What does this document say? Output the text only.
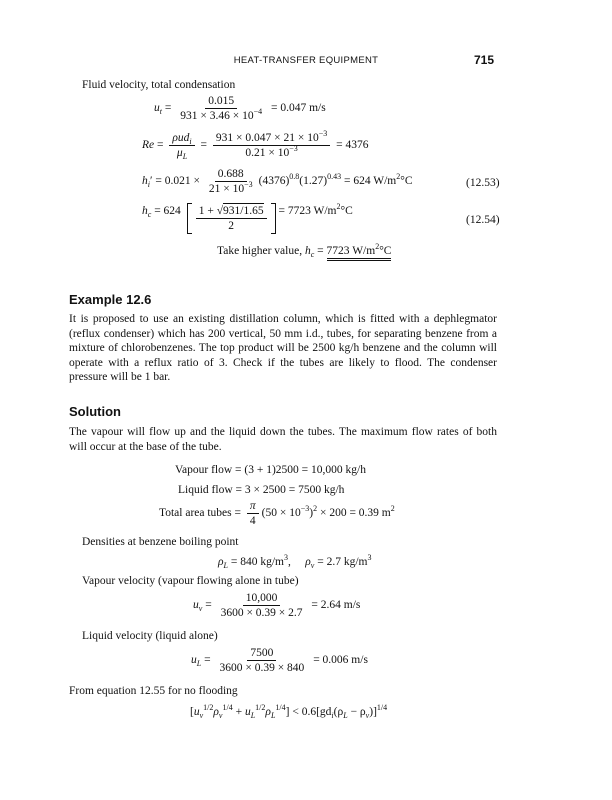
HEAT-TRANSFER EQUIPMENT	715
Fluid velocity, total condensation
$u_t = \frac{0.015}{931 \times 3.46 \times 10^{-4}} = 0.047$ m/s
$Re = \frac{\rho ud_i}{\mu_L} = \frac{931 \times 0.047 \times 21 \times 10^{-3}}{0.21 \times 10^{-3}} = 4376$
$h_i' = 0.021 \times \frac{0.688}{21 \times 10^{-3}} (4376)^{0.8}(1.27)^{0.43} = 624$ $W/m^2^\circ C$	(12.53)
$h_c = 624 \frac{1 + √931/1.65}{2} = 7723$ $W/m^2^\circ C$
(12.54)
Take higher value, $h_c = 7723$ $W/m^2^\circ C$
Example 12.6
It is proposed to use an existing distillation column, which is fitted with a dephlegmator (reflux condenser) which has 200 vertical, 50 mm i.d., tubes, for separating benzene from a mixture of chlorobenzenes. The top product will be 2500 kg/h benzene and the column will operate with a reflux ratio of 3. Check if the tubes are likely to flood. The condenser pressure will be 1 bar.
Solution
The vapour will flow up and the liquid down the tubes. The maximum flow rates of both will occur at the base of the tube.
Vapour flow = (3 + 1)2500 = 10,000 kg/h
Liquid flow = 3 × 2500 = 7500 kg/h
Total area tubes = $\frac{\pi}{4} (50 \times 10^{-3})^2 \times 200 = 0.39$ $m^2$
Densities at benzene boiling point
$\rho_L = 840$ $kg/m^3$,     $\rho_v = 2.7$ $kg/m^3$
Vapour velocity (vapour flowing alone in tube)
$u_v = \frac{10,000}{3600 \times 0.39 \times 2.7} = 2.64$ m/s
Liquid velocity (liquid alone)
$u_L = \frac{7500}{3600 \times 0.39 \times 840} = 0.006$ m/s
From equation 12.55 for no flooding
$[u_v^{1/2}\rho_v^{1/4} + u_L^{1/2}\rho_L^{1/4}] < 0.6[gd_i(\rho_L - \rho_v)]^{1/4}$
